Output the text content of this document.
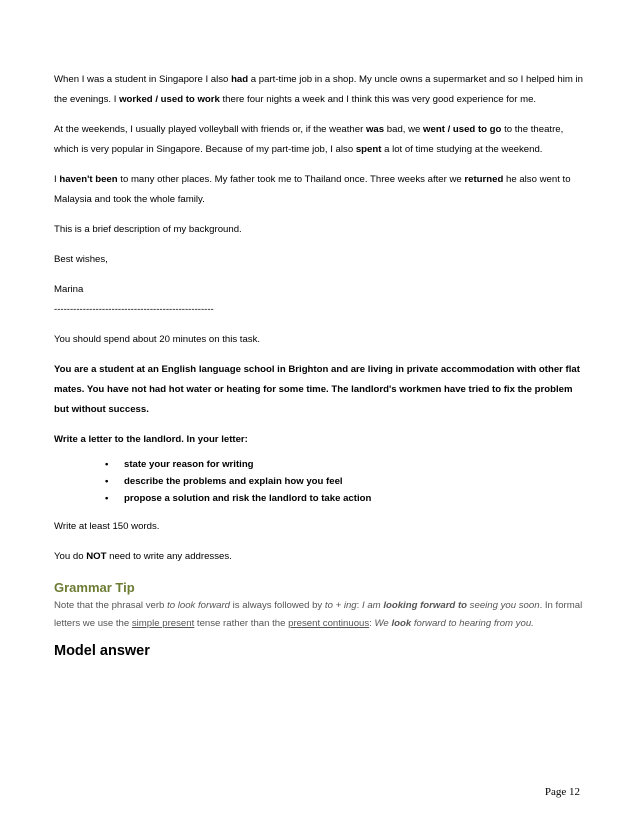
When I was a student in Singapore I also had a part-time job in a shop. My uncle owns a supermarket and so I helped him in the evenings. I worked / used to work there four nights a week and I think this was very good experience for me.

At the weekends, I usually played volleyball with friends or, if the weather was bad, we went / used to go to the theatre, which is very popular in Singapore. Because of my part-time job, I also spent a lot of time studying at the weekend.

I haven't been to many other places. My father took me to Thailand once. Three weeks after we returned he also went to Malaysia and took the whole family.

This is a brief description of my background.

Best wishes,

Marina

--------------------------------------------------

You should spend about 20 minutes on this task.

You are a student at an English language school in Brighton and are living in private accommodation with other flat mates. You have not had hot water or heating for some time. The landlord's workmen have tried to fix the problem but without success.

Write a letter to the landlord. In your letter:

• state your reason for writing
• describe the problems and explain how you feel
• propose a solution and risk the landlord to take action

Write at least 150 words.

You do NOT need to write any addresses.

Grammar Tip

Note that the phrasal verb to look forward is always followed by to + ing: I am looking forward to seeing you soon. In formal letters we use the simple present tense rather than the present continuous: We look forward to hearing from you.

Model answer
Page 12
